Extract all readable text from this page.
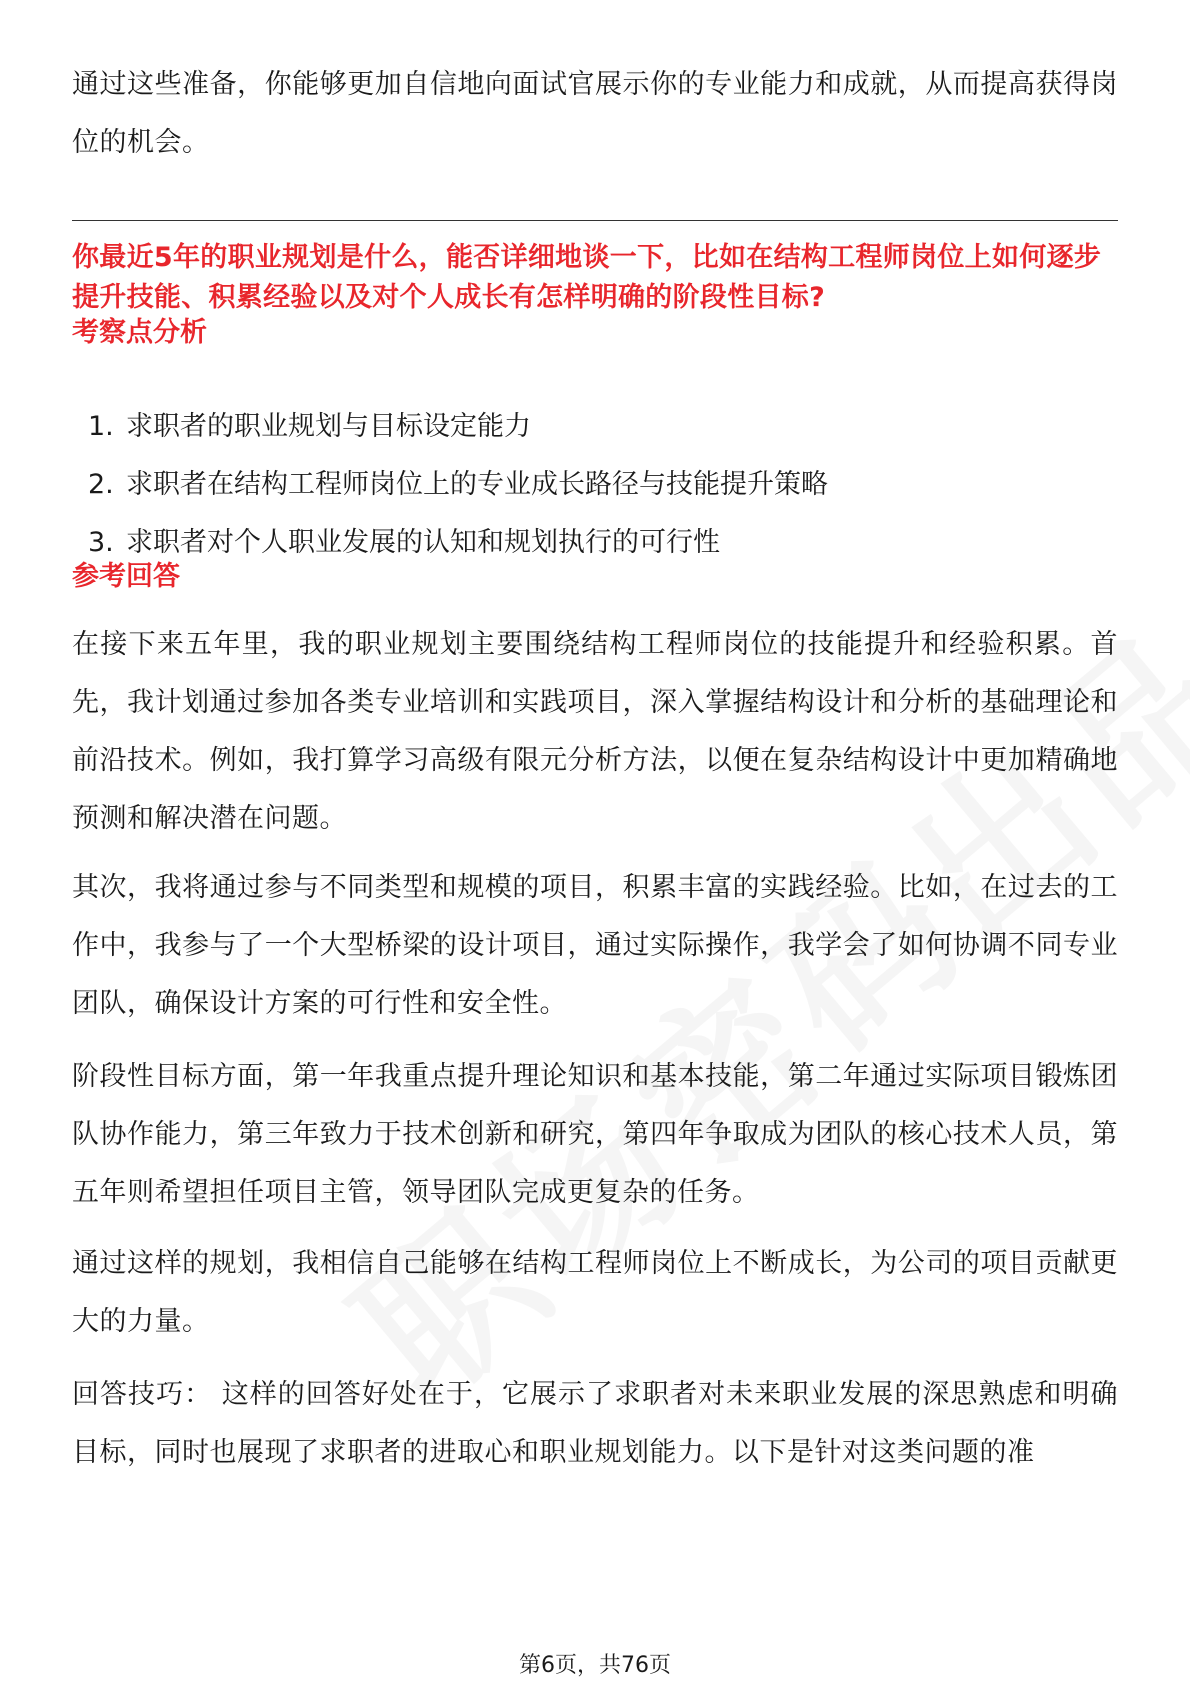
通过这些准备，你能够更加自信地向面试官展示你的专业能力和成就，从而提高获得岗位的机会。

你最近5年的职业规划是什么，能否详细地谈一下，比如在结构工程师岗位上如何逐步提升技能、积累经验以及对个人成长有怎样明确的阶段性目标?

考察点分析

1. 求职者的职业规划与目标设定能力
2. 求职者在结构工程师岗位上的专业成长路径与技能提升策略
3. 求职者对个人职业发展的认知和规划执行的可行性

参考回答

在接下来五年里，我的职业规划主要围绕结构工程师岗位的技能提升和经验积累。首先，我计划通过参加各类专业培训和实践项目，深入掌握结构设计和分析的基础理论和前沿技术。例如，我打算学习高级有限元分析方法，以便在复杂结构设计中更加精确地预测和解决潜在问题。

其次，我将通过参与不同类型和规模的项目，积累丰富的实践经验。比如，在过去的工作中，我参与了一个大型桥梁的设计项目，通过实际操作，我学会了如何协调不同专业团队，确保设计方案的可行性和安全性。

阶段性目标方面，第一年我重点提升理论知识和基本技能，第二年通过实际项目锻炼团队协作能力，第三年致力于技术创新和研究，第四年争取成为团队的核心技术人员，第五年则希望担任项目主管，领导团队完成更复杂的任务。

通过这样的规划，我相信自己能够在结构工程师岗位上不断成长，为公司的项目贡献更大的力量。

回答技巧： 这样的回答好处在于，它展示了求职者对未来职业发展的深思熟虑和明确目标，同时也展现了求职者的进取心和职业规划能力。以下是针对这类问题的准

第6页，共76页
